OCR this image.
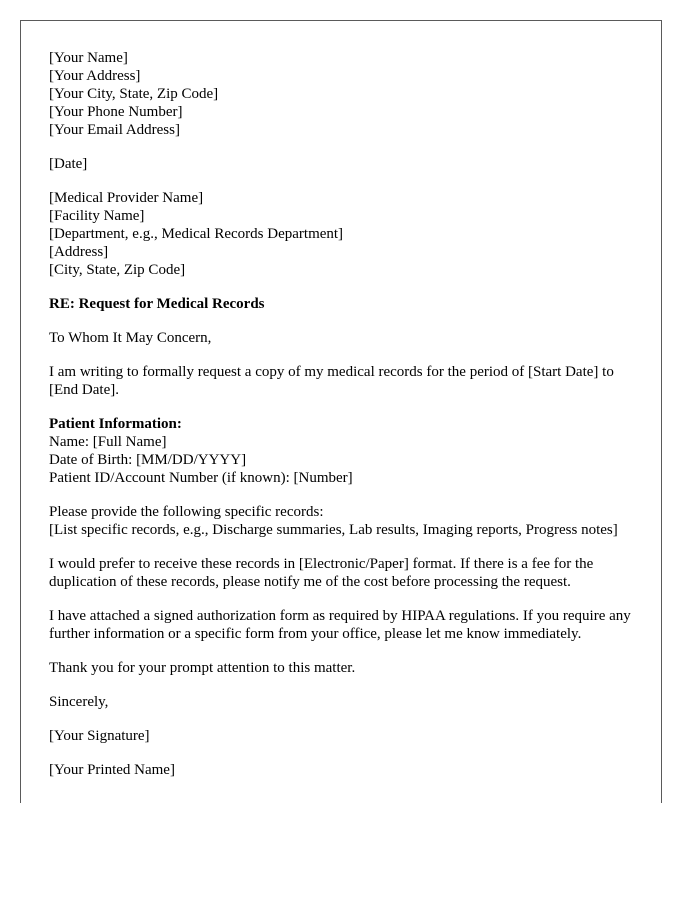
[Your Name]
[Your Address]
[Your City, State, Zip Code]
[Your Phone Number]
[Your Email Address]
[Date]
[Medical Provider Name]
[Facility Name]
[Department, e.g., Medical Records Department]
[Address]
[City, State, Zip Code]
RE: Request for Medical Records
To Whom It May Concern,
I am writing to formally request a copy of my medical records for the period of [Start Date] to [End Date].
Patient Information:
Name: [Full Name]
Date of Birth: [MM/DD/YYYY]
Patient ID/Account Number (if known): [Number]
Please provide the following specific records:
[List specific records, e.g., Discharge summaries, Lab results, Imaging reports, Progress notes]
I would prefer to receive these records in [Electronic/Paper] format. If there is a fee for the duplication of these records, please notify me of the cost before processing the request.
I have attached a signed authorization form as required by HIPAA regulations. If you require any further information or a specific form from your office, please let me know immediately.
Thank you for your prompt attention to this matter.
Sincerely,
[Your Signature]
[Your Printed Name]
